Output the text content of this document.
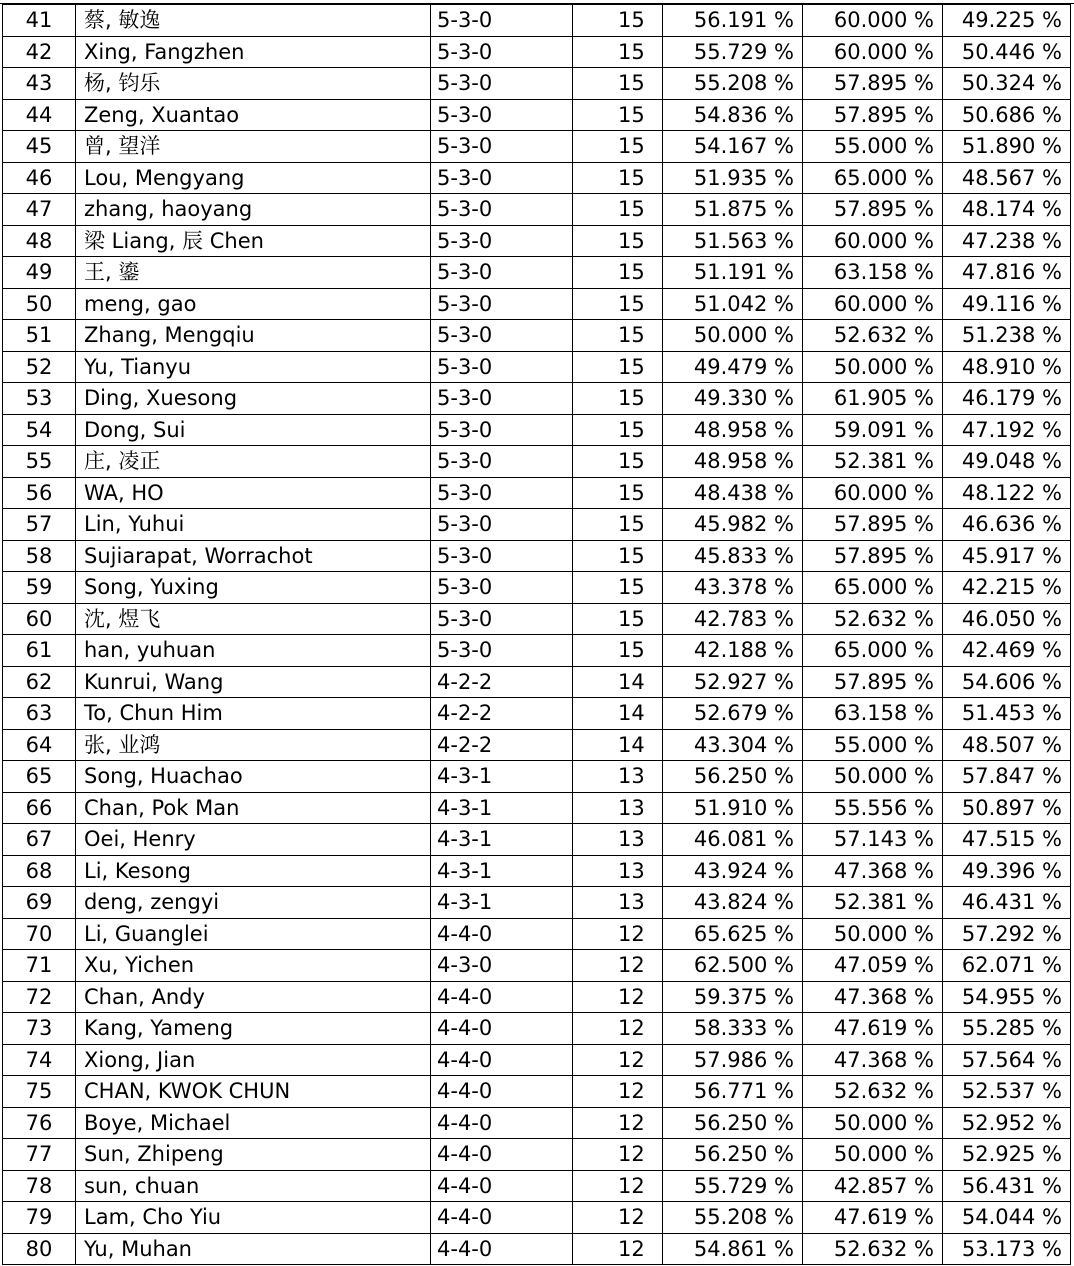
41	蔡, 敏逸	5-3-0	15	56.191 %	60.000 %	49.225 %
42	Xing, Fangzhen	5-3-0	15	55.729 %	60.000 %	50.446 %
43	杨, 钧乐	5-3-0	15	55.208 %	57.895 %	50.324 %
44	Zeng, Xuantao	5-3-0	15	54.836 %	57.895 %	50.686 %
45	曾, 望洋	5-3-0	15	54.167 %	55.000 %	51.890 %
46	Lou, Mengyang	5-3-0	15	51.935 %	65.000 %	48.567 %
47	zhang, haoyang	5-3-0	15	51.875 %	57.895 %	48.174 %
48	梁 Liang, 辰 Chen	5-3-0	15	51.563 %	60.000 %	47.238 %
49	王, 鎏	5-3-0	15	51.191 %	63.158 %	47.816 %
50	meng, gao	5-3-0	15	51.042 %	60.000 %	49.116 %
51	Zhang, Mengqiu	5-3-0	15	50.000 %	52.632 %	51.238 %
52	Yu, Tianyu	5-3-0	15	49.479 %	50.000 %	48.910 %
53	Ding, Xuesong	5-3-0	15	49.330 %	61.905 %	46.179 %
54	Dong, Sui	5-3-0	15	48.958 %	59.091 %	47.192 %
55	庄, 凌正	5-3-0	15	48.958 %	52.381 %	49.048 %
56	WA, HO	5-3-0	15	48.438 %	60.000 %	48.122 %
57	Lin, Yuhui	5-3-0	15	45.982 %	57.895 %	46.636 %
58	Sujiarapat, Worrachot	5-3-0	15	45.833 %	57.895 %	45.917 %
59	Song, Yuxing	5-3-0	15	43.378 %	65.000 %	42.215 %
60	沈, 煜飞	5-3-0	15	42.783 %	52.632 %	46.050 %
61	han, yuhuan	5-3-0	15	42.188 %	65.000 %	42.469 %
62	Kunrui, Wang	4-2-2	14	52.927 %	57.895 %	54.606 %
63	To, Chun Him	4-2-2	14	52.679 %	63.158 %	51.453 %
64	张, 业鸿	4-2-2	14	43.304 %	55.000 %	48.507 %
65	Song, Huachao	4-3-1	13	56.250 %	50.000 %	57.847 %
66	Chan, Pok Man	4-3-1	13	51.910 %	55.556 %	50.897 %
67	Oei, Henry	4-3-1	13	46.081 %	57.143 %	47.515 %
68	Li, Kesong	4-3-1	13	43.924 %	47.368 %	49.396 %
69	deng, zengyi	4-3-1	13	43.824 %	52.381 %	46.431 %
70	Li, Guanglei	4-4-0	12	65.625 %	50.000 %	57.292 %
71	Xu, Yichen	4-3-0	12	62.500 %	47.059 %	62.071 %
72	Chan, Andy	4-4-0	12	59.375 %	47.368 %	54.955 %
73	Kang, Yameng	4-4-0	12	58.333 %	47.619 %	55.285 %
74	Xiong, Jian	4-4-0	12	57.986 %	47.368 %	57.564 %
75	CHAN, KWOK CHUN	4-4-0	12	56.771 %	52.632 %	52.537 %
76	Boye, Michael	4-4-0	12	56.250 %	50.000 %	52.952 %
77	Sun, Zhipeng	4-4-0	12	56.250 %	50.000 %	52.925 %
78	sun, chuan	4-4-0	12	55.729 %	42.857 %	56.431 %
79	Lam, Cho Yiu	4-4-0	12	55.208 %	47.619 %	54.044 %
80	Yu, Muhan	4-4-0	12	54.861 %	52.632 %	53.173 %
